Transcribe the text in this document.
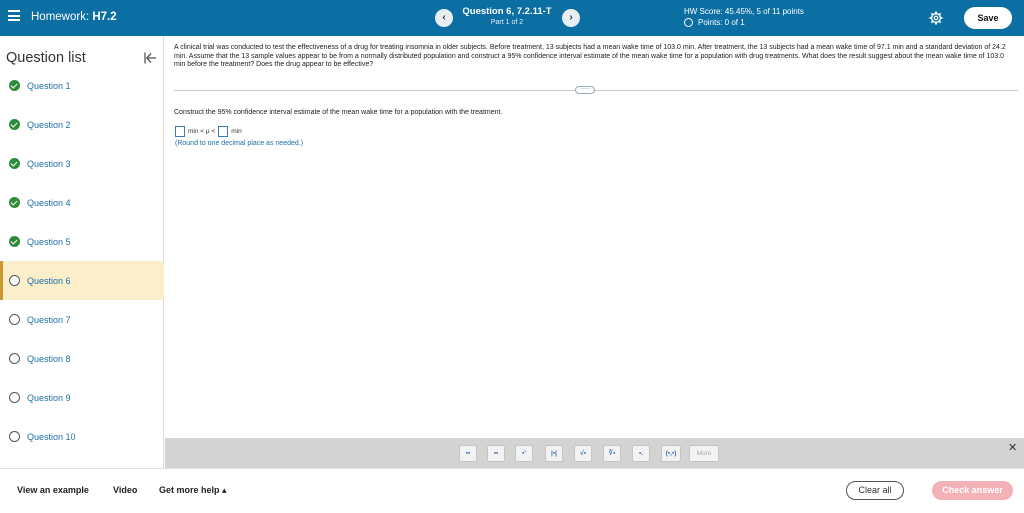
Homework: H7.2	‹
Question 6, 7.2.11-T
Part 1 of 2	›
HW Score: 45.45%, 5 of 11 points
Points: 0 of 1	Save
Question list
Question 1
Question 2
Question 3
Question 4
Question 5
Question 6
Question 7
Question 8
Question 9
Question 10
A clinical trial was conducted to test the effectiveness of a drug for treating insomnia in older subjects. Before treatment, 13 subjects had a mean wake time of 103.0 min. After treatment, the 13 subjects had a mean wake time of 97.1 min and a standard deviation of 24.2 min. Assume that the 13 sample values appear to be from a normally distributed population and construct a 95% confidence interval estimate of the mean wake time for a population with drug treatments. What does the result suggest about the mean wake time of 103.0 min before the treatment? Does the drug appear to be effective?
·····
Construct the 95% confidence interval estimate of the mean wake time for a population with the treatment.
min < μ < min
(Round to one decimal place as needed.)
▪▪	▪▪	▪'	|▪|	√▪	∛▪	▪.	(▪,▪)	More	✕
View an example	Video Get more help ▴	Clear all	Check answer
